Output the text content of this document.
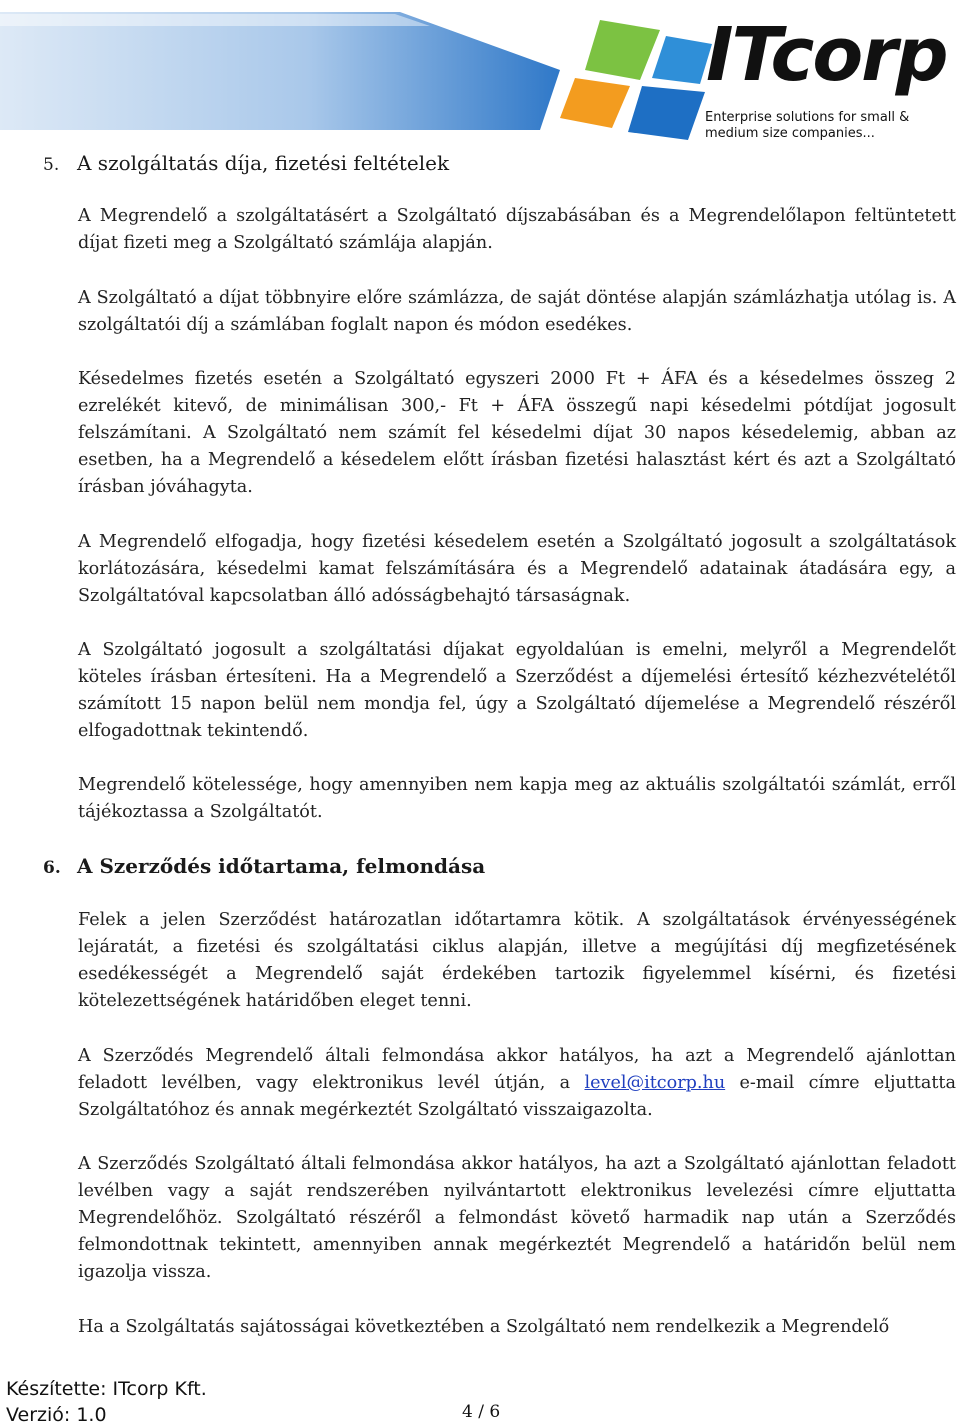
ITcorp
Enterprise solutions for small &
medium size companies...
5. A szolgáltatás díja, fizetési feltételek

A Megrendelő a szolgáltatásért a Szolgáltató díjszabásában és a Megrendelőlapon feltüntetett díjat fizeti meg a Szolgáltató számlája alapján.

A Szolgáltató a díjat többnyire előre számlázza, de saját döntése alapján számlázhatja utólag is. A szolgáltatói díj a számlában foglalt napon és módon esedékes.

Késedelmes fizetés esetén a Szolgáltató egyszeri 2000 Ft + ÁFA és a késedelmes összeg 2 ezrelékét kitevő, de minimálisan 300,- Ft + ÁFA összegű napi késedelmi pótdíjat jogosult felszámítani. A Szolgáltató nem számít fel késedelmi díjat 30 napos késedelemig, abban az esetben, ha a Megrendelő a késedelem előtt írásban fizetési halasztást kért és azt a Szolgáltató írásban jóváhagyta.

A Megrendelő elfogadja, hogy fizetési késedelem esetén a Szolgáltató jogosult a szolgáltatások korlátozására, késedelmi kamat felszámítására és a Megrendelő adatainak átadására egy, a Szolgáltatóval kapcsolatban álló adósságbehajtó társaságnak.

A Szolgáltató jogosult a szolgáltatási díjakat egyoldalúan is emelni, melyről a Megrendelőt köteles írásban értesíteni. Ha a Megrendelő a Szerződést a díjemelési értesítő kézhezvételétől számított 15 napon belül nem mondja fel, úgy a Szolgáltató díjemelése a Megrendelő részéről elfogadottnak tekintendő.

Megrendelő kötelessége, hogy amennyiben nem kapja meg az aktuális szolgáltatói számlát, erről tájékoztassa a Szolgáltatót.

6. A Szerződés időtartama, felmondása

Felek a jelen Szerződést határozatlan időtartamra kötik. A szolgáltatások érvényességének lejáratát, a fizetési és szolgáltatási ciklus alapján, illetve a megújítási díj megfizetésének esedékességét a Megrendelő saját érdekében tartozik figyelemmel kísérni, és fizetési kötelezettségének határidőben eleget tenni.

A Szerződés Megrendelő általi felmondása akkor hatályos, ha azt a Megrendelő ajánlottan feladott levélben, vagy elektronikus levél útján, a level@itcorp.hu e-mail címre eljuttatta Szolgáltatóhoz és annak megérkeztét Szolgáltató visszaigazolta.

A Szerződés Szolgáltató általi felmondása akkor hatályos, ha azt a Szolgáltató ajánlottan feladott levélben vagy a saját rendszerében nyilvántartott elektronikus levelezési címre eljuttatta Megrendelőhöz. Szolgáltató részéről a felmondást követő harmadik nap után a Szerződés felmondottnak tekintett, amennyiben annak megérkeztét Megrendelő a határidőn belül nem igazolja vissza.

Ha a Szolgáltatás sajátosságai következtében a Szolgáltató nem rendelkezik a Megrendelő

Készítette: ITcorp Kft.
Verzió: 1.0	4 / 6
